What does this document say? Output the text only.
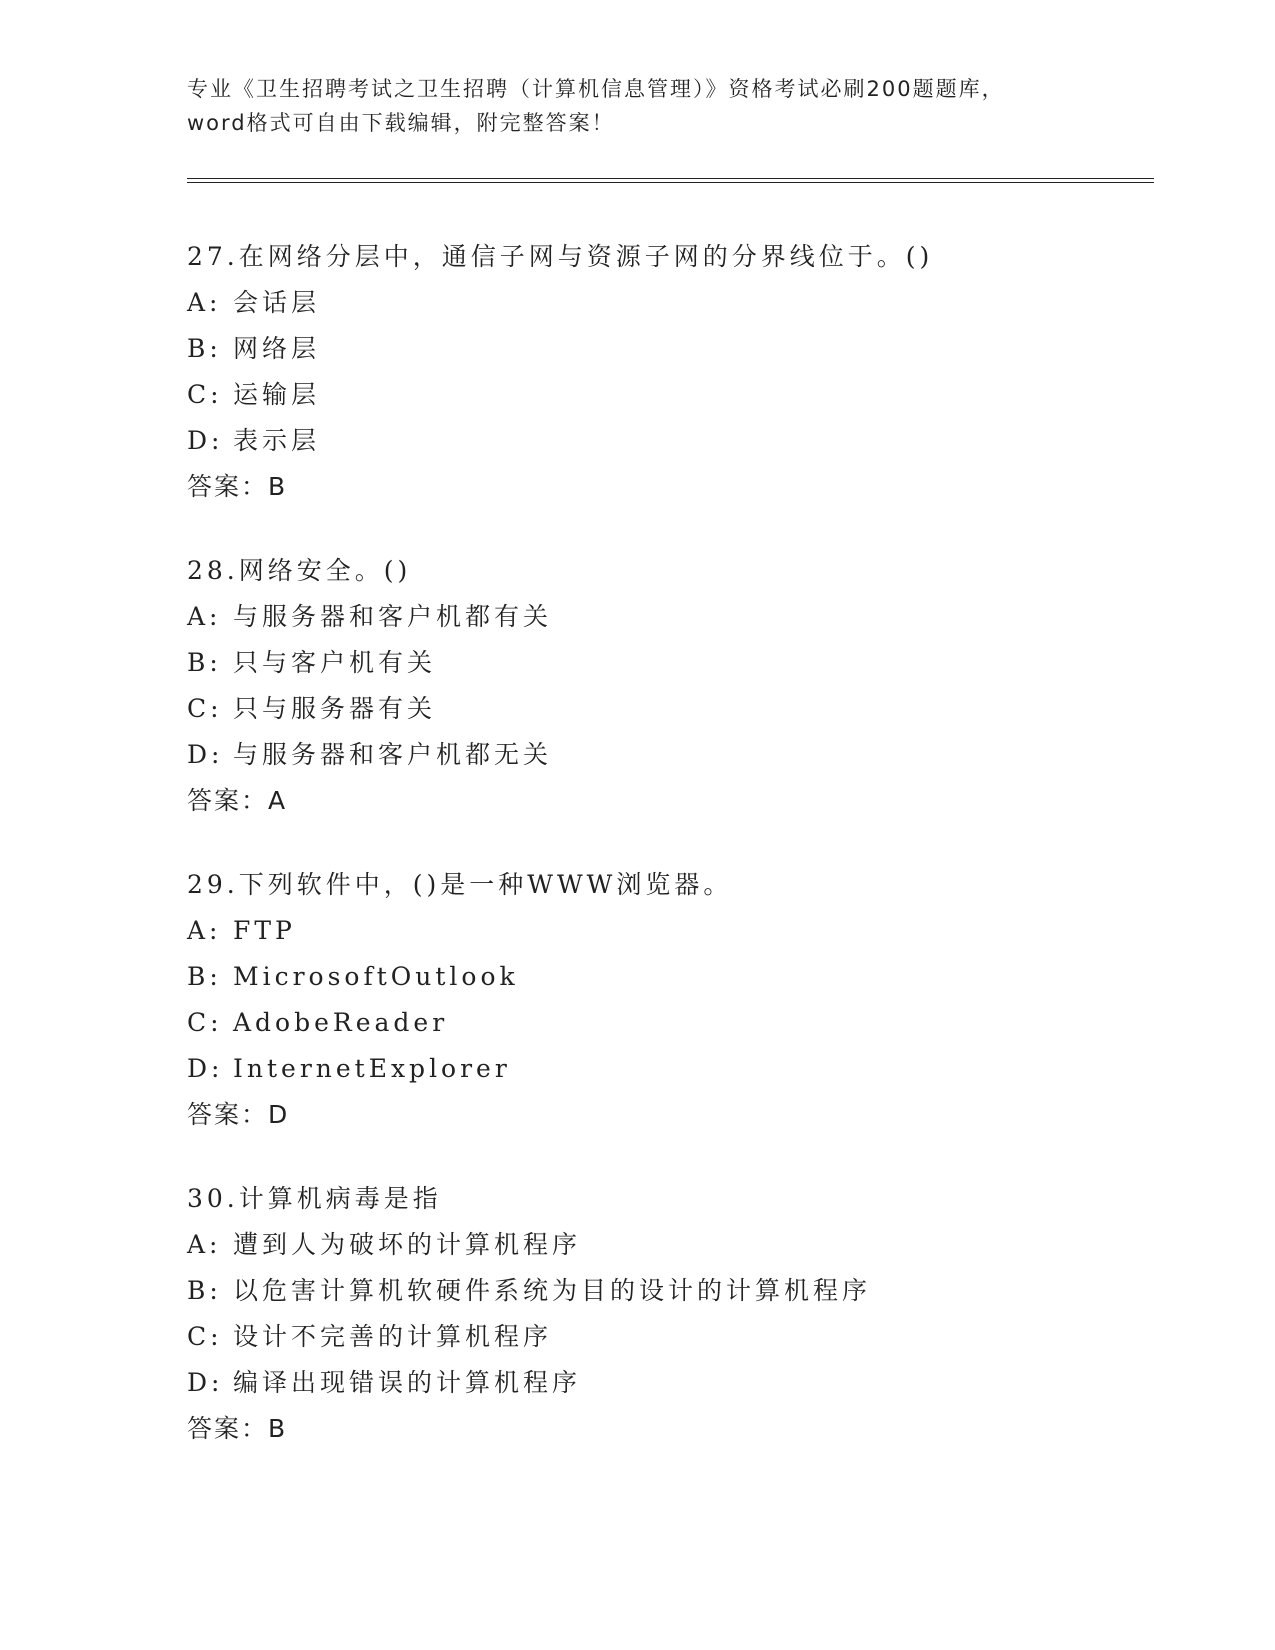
专业《卫生招聘考试之卫生招聘（计算机信息管理）》资格考试必刷200题题库，
word格式可自由下载编辑，附完整答案！
27.在网络分层中，通信子网与资源子网的分界线位于。()
A: 会话层
B: 网络层
C: 运输层
D: 表示层
答案：B
28.网络安全。()
A: 与服务器和客户机都有关
B: 只与客户机有关
C: 只与服务器有关
D: 与服务器和客户机都无关
答案：A
29.下列软件中，()是一种WWW浏览器。
A: FTP
B: MicrosoftOutlook
C: AdobeReader
D: InternetExplorer
答案：D
30.计算机病毒是指
A: 遭到人为破坏的计算机程序
B: 以危害计算机软硬件系统为目的设计的计算机程序
C: 设计不完善的计算机程序
D: 编译出现错误的计算机程序
答案：B
